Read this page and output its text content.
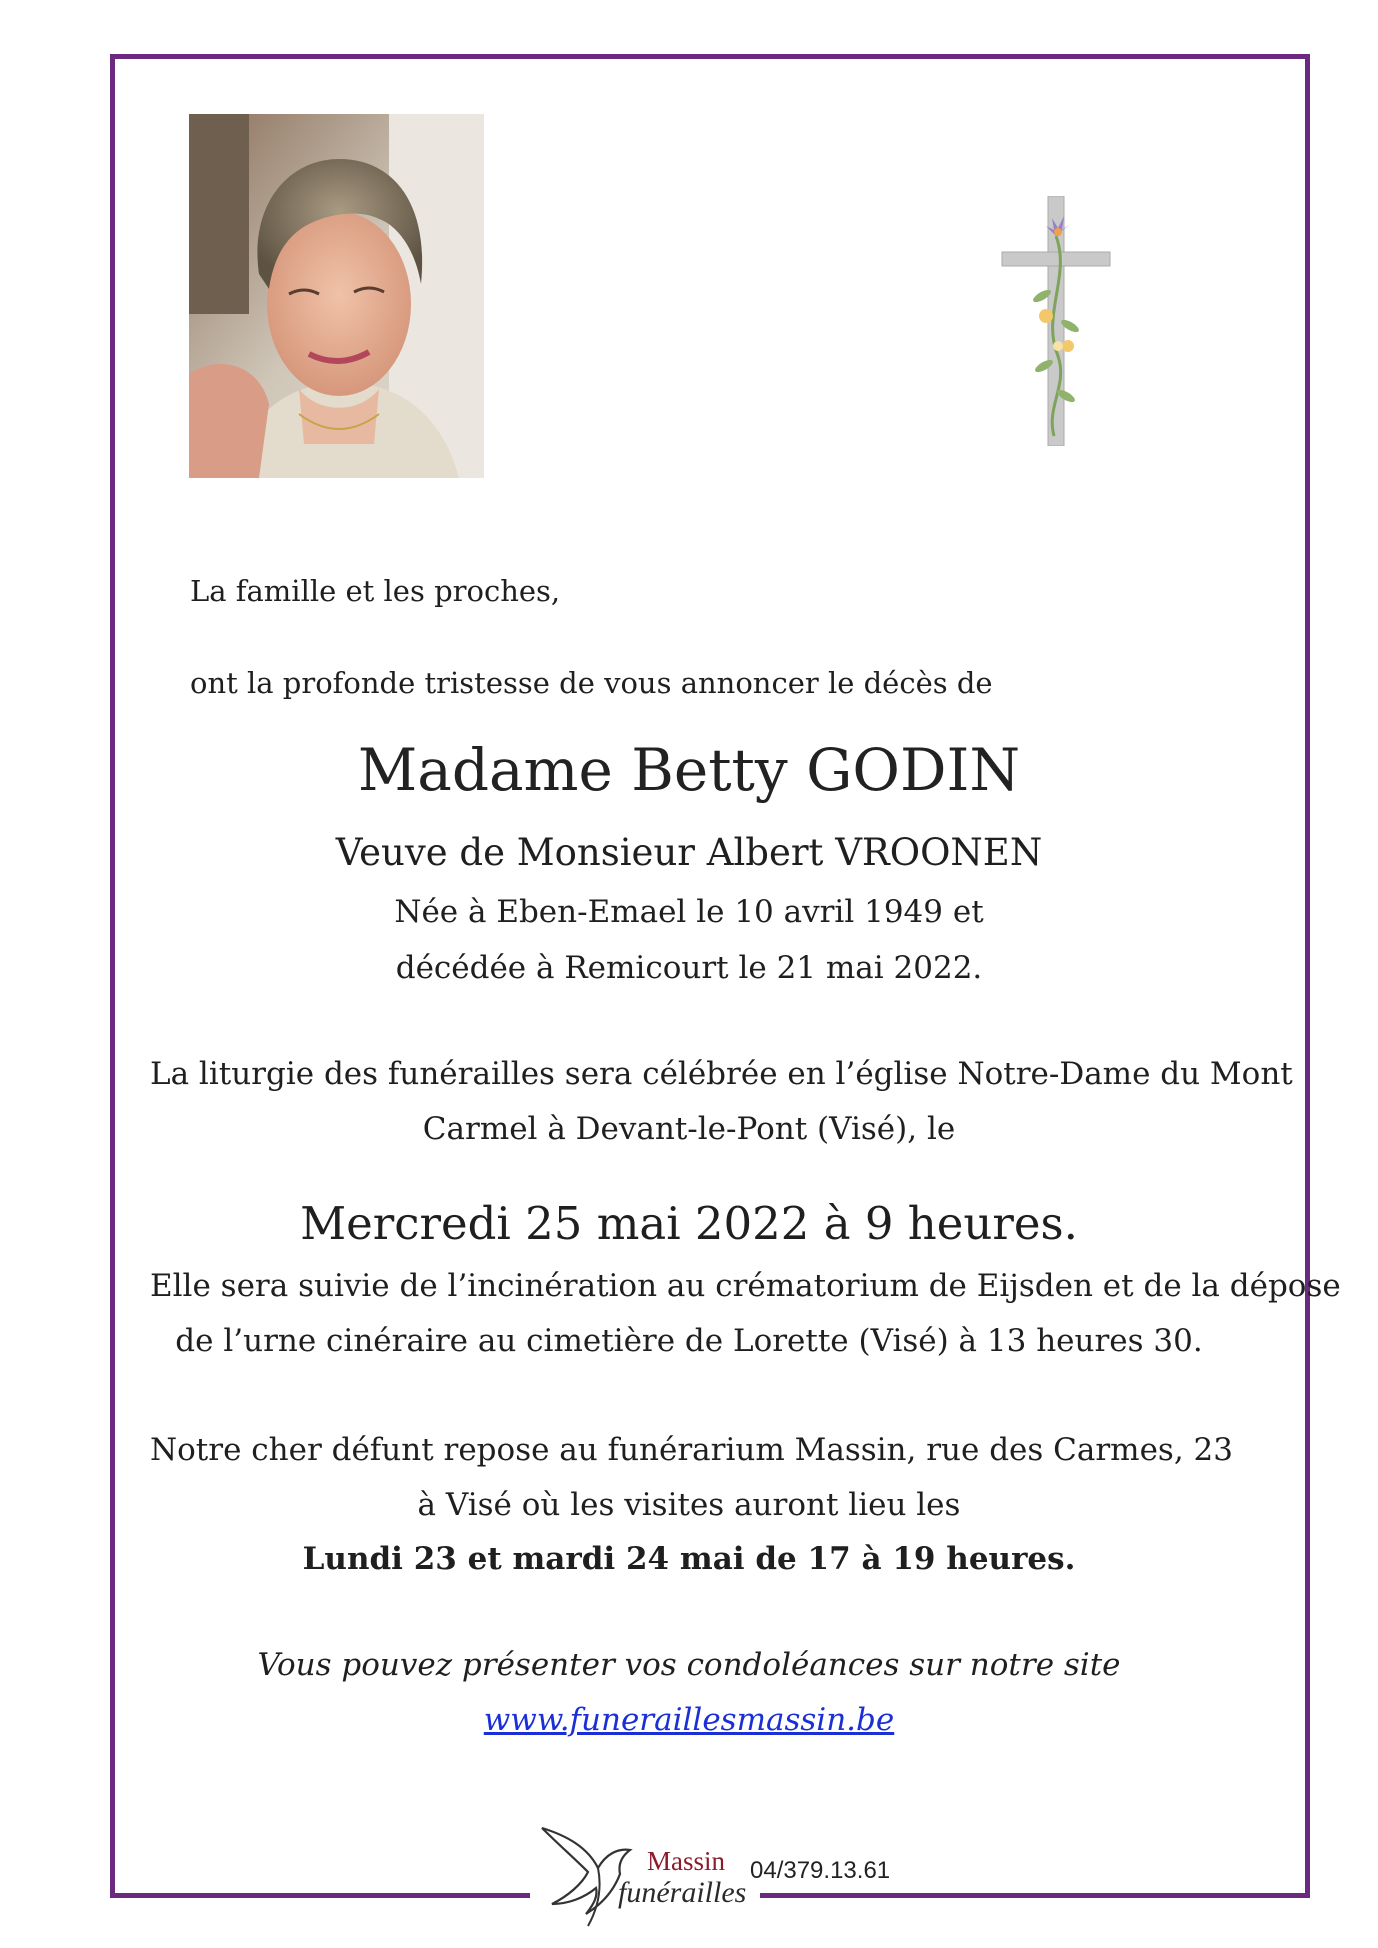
La famille et les proches,
ont la profonde tristesse de vous annoncer le décès de
Madame Betty GODIN
Veuve de Monsieur Albert VROONEN
Née à Eben-Emael le 10 avril 1949 et
décédée à Remicourt le 21 mai 2022.
La liturgie des funérailles sera célébrée en l’église Notre-Dame du Mont
Carmel à Devant-le-Pont (Visé), le
Mercredi 25 mai 2022 à 9 heures.
Elle sera suivie de l’incinération au crématorium de Eijsden et de la dépose
de l’urne cinéraire au cimetière de Lorette (Visé) à 13 heures 30.
Notre cher défunt repose au funérarium Massin, rue des Carmes, 23
à Visé où les visites auront lieu les
Lundi 23 et mardi 24 mai de 17 à 19 heures.
Vous pouvez présenter vos condoléances sur notre site
www.funeraillesmassin.be
Massin
funérailles
04/379.13.61
